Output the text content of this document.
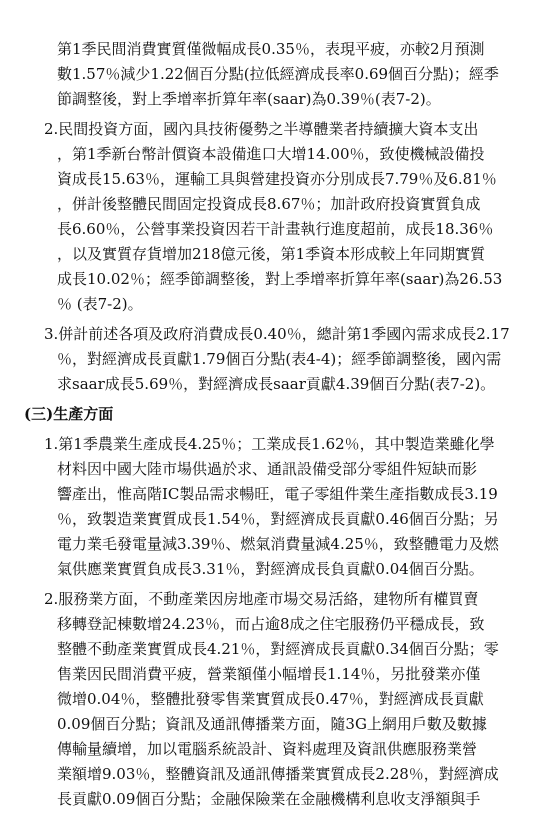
第1季民間消費實質僅微幅成長0.35％，表現平疲，亦較2月預測
數1.57％減少1.22個百分點(拉低經濟成長率0.69個百分點)；經季
節調整後，對上季增率折算年率(saar)為0.39％(表7-2)。
2.民間投資方面，國內具技術優勢之半導體業者持續擴大資本支出
，第1季新台幣計價資本設備進口大增14.00％，致使機械設備投
資成長15.63％，運輸工具與營建投資亦分別成長7.79％及6.81％
，併計後整體民間固定投資成長8.67％；加計政府投資實質負成
長6.60％，公營事業投資因若干計畫執行進度超前，成長18.36％
，以及實質存貨增加218億元後，第1季資本形成較上年同期實質
成長10.02％；經季節調整後，對上季增率折算年率(saar)為26.53
％ (表7-2)。
3.併計前述各項及政府消費成長0.40％，總計第1季國內需求成長2.17
％，對經濟成長貢獻1.79個百分點(表4-4)；經季節調整後，國內需
求saar成長5.69％，對經濟成長saar貢獻4.39個百分點(表7-2)。
(三)生產方面
1.第1季農業生產成長4.25％；工業成長1.62％，其中製造業雖化學
材料因中國大陸市場供過於求、通訊設備受部分零組件短缺而影
響產出，惟高階IC製品需求暢旺，電子零組件業生產指數成長3.19
％，致製造業實質成長1.54％，對經濟成長貢獻0.46個百分點；另
電力業毛發電量減3.39％、燃氣消費量減4.25％，致整體電力及燃
氣供應業實質負成長3.31％，對經濟成長負貢獻0.04個百分點。
2.服務業方面，不動產業因房地產市場交易活絡，建物所有權買賣
移轉登記棟數增24.23％，而占逾8成之住宅服務仍平穩成長，致
整體不動產業實質成長4.21％，對經濟成長貢獻0.34個百分點；零
售業因民間消費平疲，營業額僅小幅增長1.14％，另批發業亦僅
微增0.04％，整體批發零售業實質成長0.47％，對經濟成長貢獻
0.09個百分點；資訊及通訊傳播業方面，隨3G上網用戶數及數據
傳輸量續增，加以電腦系統設計、資料處理及資訊供應服務業營
業額增9.03％，整體資訊及通訊傳播業實質成長2.28％，對經濟成
長貢獻0.09個百分點；金融保險業在金融機構利息收支淨額與手
